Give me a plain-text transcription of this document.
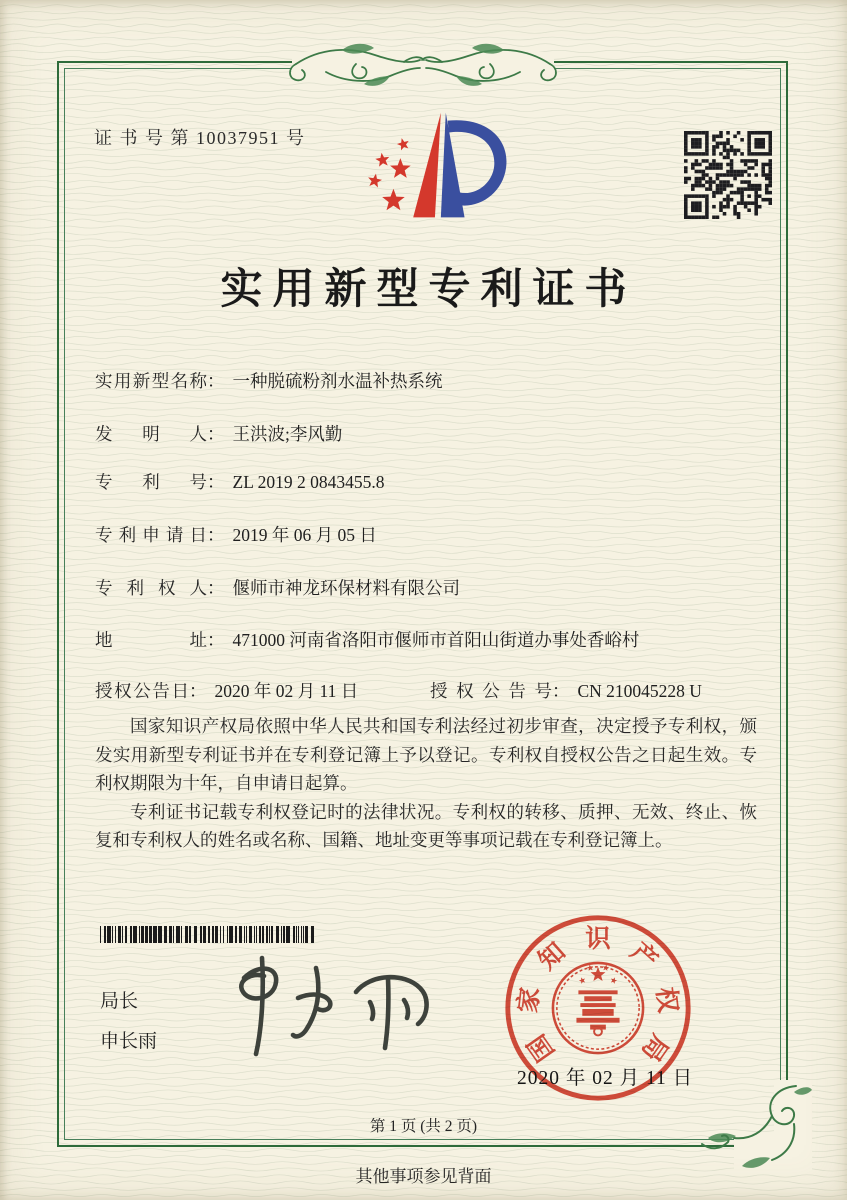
证 书 号 第 10037951 号
实用新型专利证书
实用新型名称： 一种脱硫粉剂水温补热系统
发明人： 王洪波;李风勤
专利号： ZL 2019 2 0843455.8
专利申请日： 2019 年 06 月 05 日
专利权人： 偃师市神龙环保材料有限公司
地址： 471000 河南省洛阳市偃师市首阳山街道办事处香峪村
授权公告日： 2020 年 02 月 11 日	授权公告号： CN 210045228 U

国家知识产权局依照中华人民共和国专利法经过初步审查，决定授予专利权，颁发实用新型专利证书并在专利登记簿上予以登记。专利权自授权公告之日起生效。专利权期限为十年，自申请日起算。

专利证书记载专利权登记时的法律状况。专利权的转移、质押、无效、终止、恢复和专利权人的姓名或名称、国籍、地址变更等事项记载在专利登记簿上。

局长
申长雨	国
家
知 识 产
权
局
2020 年 02 月 11 日
第 1 页 (共 2 页)
其他事项参见背面
